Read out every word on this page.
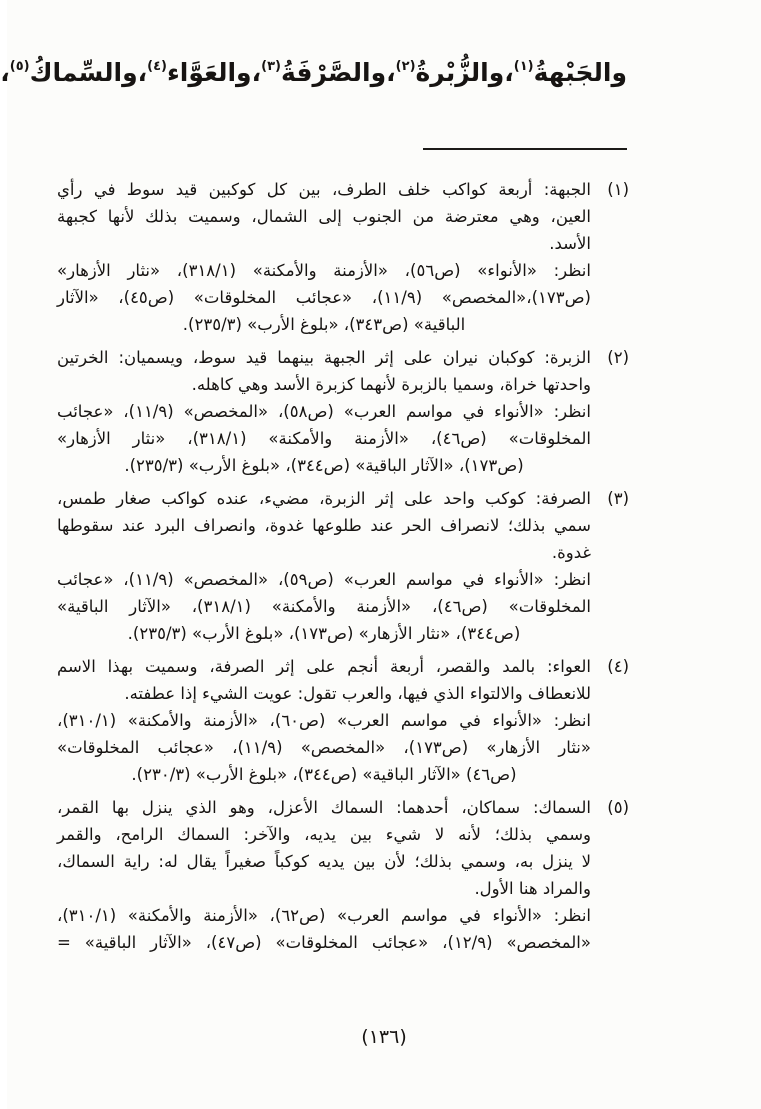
والجَبْهةُ$^{(١)}$،
والزُّبْرةُ$^{(٢)}$،
والصَّرْفَةُ$^{(٣)}$،
والعَوَّاء$^{(٤)}$،
والسِّماكُ$^{(٥)}$،
(١)
الجبهة: أربعة كواكب خلف الطرف، بين كل كوكبين قيد سوط في رأي
العين، وهي معترضة من الجنوب إلى الشمال، وسميت بذلك لأنها كجبهة
الأسد.
انظر: «الأنواء» (ص٥٦)، «الأزمنة والأمكنة» (٣١٨/١)، «نثار الأزهار»
(ص١٧٣)،«المخصص» (١١/٩)، «عجائب المخلوقات» (ص٤٥)، «الآثار
الباقية» (ص٣٤٣)، «بلوغ الأرب» (٢٣٥/٣).
(٢)
الزبرة: كوكبان نيران على إثر الجبهة بينهما قيد سوط، ويسميان: الخرتين
واحدتها خراة، وسميا بالزبرة لأنهما كزبرة الأسد وهي كاهله.
انظر: «الأنواء في مواسم العرب» (ص٥٨)، «المخصص» (١١/٩)، «عجائب
المخلوقات» (ص٤٦)، «الأزمنة والأمكنة» (٣١٨/١)، «نثار الأزهار»
(ص١٧٣)، «الآثار الباقية» (ص٣٤٤)، «بلوغ الأرب» (٢٣٥/٣).
(٣)
الصرفة: كوكب واحد على إثر الزبرة، مضيء، عنده كواكب صغار طمس،
سمي بذلك؛ لانصراف الحر عند طلوعها غدوة، وانصراف البرد عند سقوطها
غدوة.
انظر: «الأنواء في مواسم العرب» (ص٥٩)، «المخصص» (١١/٩)، «عجائب
المخلوقات» (ص٤٦)، «الأزمنة والأمكنة» (٣١٨/١)، «الآثار الباقية»
(ص٣٤٤)، «نثار الأزهار» (ص١٧٣)، «بلوغ الأرب» (٢٣٥/٣).
(٤)
العواء: بالمد والقصر، أربعة أنجم على إثر الصرفة، وسميت بهذا الاسم
للانعطاف والالتواء الذي فيها، والعرب تقول: عويت الشيء إذا عطفته.
انظر: «الأنواء في مواسم العرب» (ص٦٠)، «الأزمنة والأمكنة» (٣١٠/١)،
«نثار الأزهار» (ص١٧٣)، «المخصص» (١١/٩)، «عجائب المخلوقات»
(ص٤٦) «الآثار الباقية» (ص٣٤٤)، «بلوغ الأرب» (٢٣٠/٣).
(٥)
السماك: سماكان، أحدهما: السماك الأعزل، وهو الذي ينزل بها القمر،
وسمي بذلك؛ لأنه لا شيء بين يديه، والآخر: السماك الرامح، والقمر
لا ينزل به، وسمي بذلك؛ لأن بين يديه كوكباً صغيراً يقال له: راية السماك،
والمراد هنا الأول.
انظر: «الأنواء في مواسم العرب» (ص٦٢)، «الأزمنة والأمكنة» (٣١٠/١)،
«المخصص» (١٢/٩)، «عجائب المخلوقات» (ص٤٧)، «الآثار الباقية» =
(١٣٦)
